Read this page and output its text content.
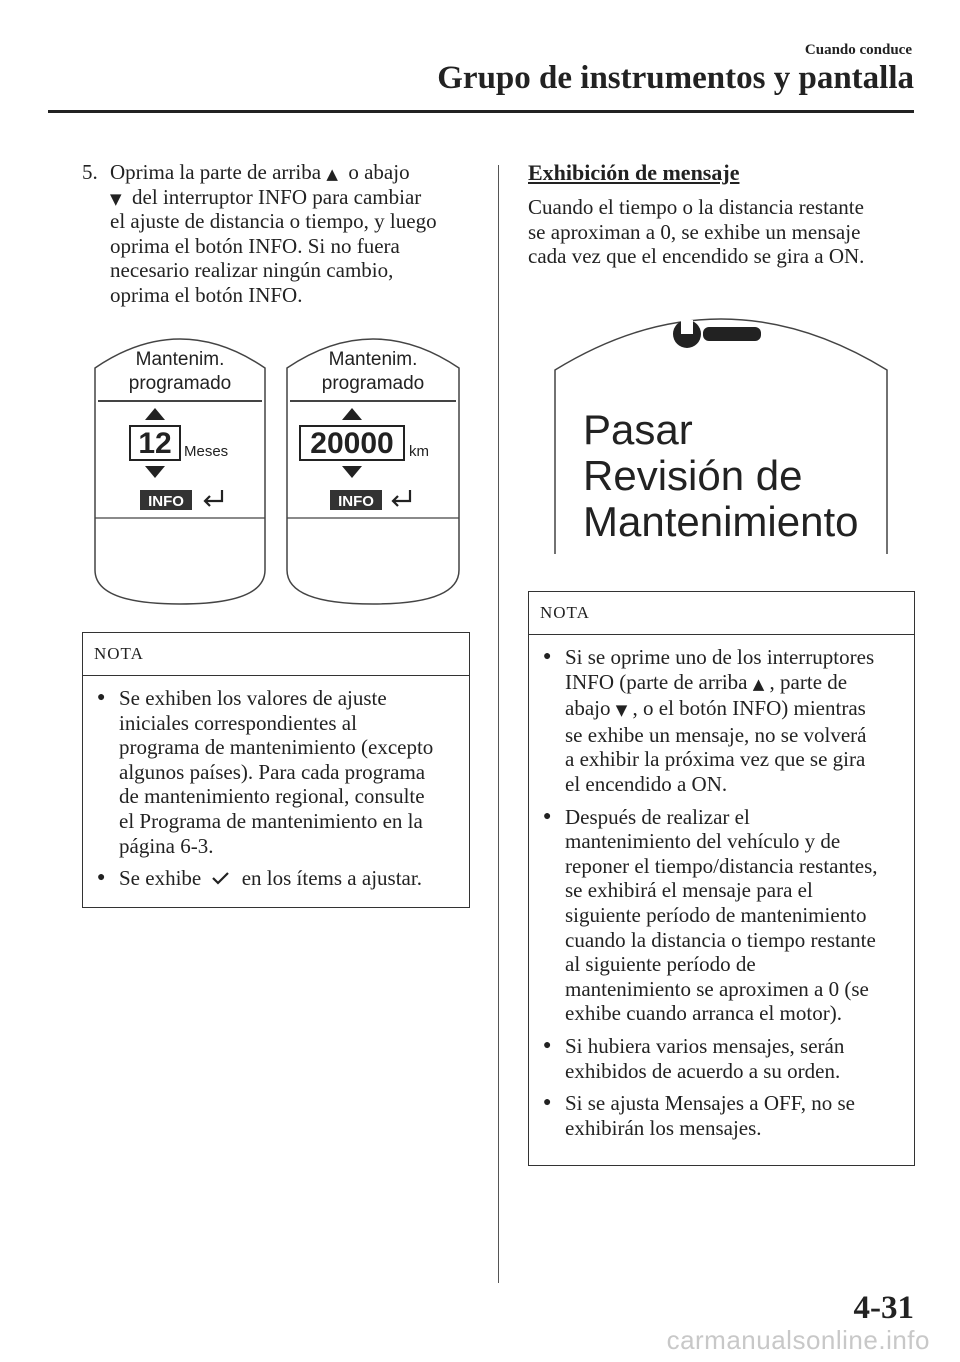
Cuando conduce
Grupo de instrumentos y pantalla
5. Oprima la parte de arriba ▲ o abajo
▼ del interruptor INFO para cambiar
el ajuste de distancia o tiempo, y luego
oprima el botón INFO. Si no fuera
necesario realizar ningún cambio,
oprima el botón INFO.
Mantenim.
programado
12 Meses
INFO
Mantenim.
programado
20000 km
INFO
NOTA
● Se exhiben los valores de ajuste
iniciales correspondientes al
programa de mantenimiento (excepto
algunos países). Para cada programa
de mantenimiento regional, consulte
el Programa de mantenimiento en la
página 6-3.
● Se exhibe en los ítems a ajustar.
Exhibición de mensaje
Cuando el tiempo o la distancia restante
se aproximan a 0, se exhibe un mensaje
cada vez que el encendido se gira a ON.
Pasar
Revisión de
Mantenimiento
NOTA
● Si se oprime uno de los interruptores
INFO (parte de arriba ▲ , parte de
abajo ▼ , o el botón INFO) mientras
se exhibe un mensaje, no se volverá
a exhibir la próxima vez que se gira
el encendido a ON.
● Después de realizar el
mantenimiento del vehículo y de
reponer el tiempo/distancia restantes,
se exhibirá el mensaje para el
siguiente período de mantenimiento
cuando la distancia o tiempo restante
al siguiente período de
mantenimiento se aproximen a 0 (se
exhibe cuando arranca el motor).
● Si hubiera varios mensajes, serán
exhibidos de acuerdo a su orden.
● Si se ajusta Mensajes a OFF, no se
exhibirán los mensajes.
4-31
carmanualsonline.info
